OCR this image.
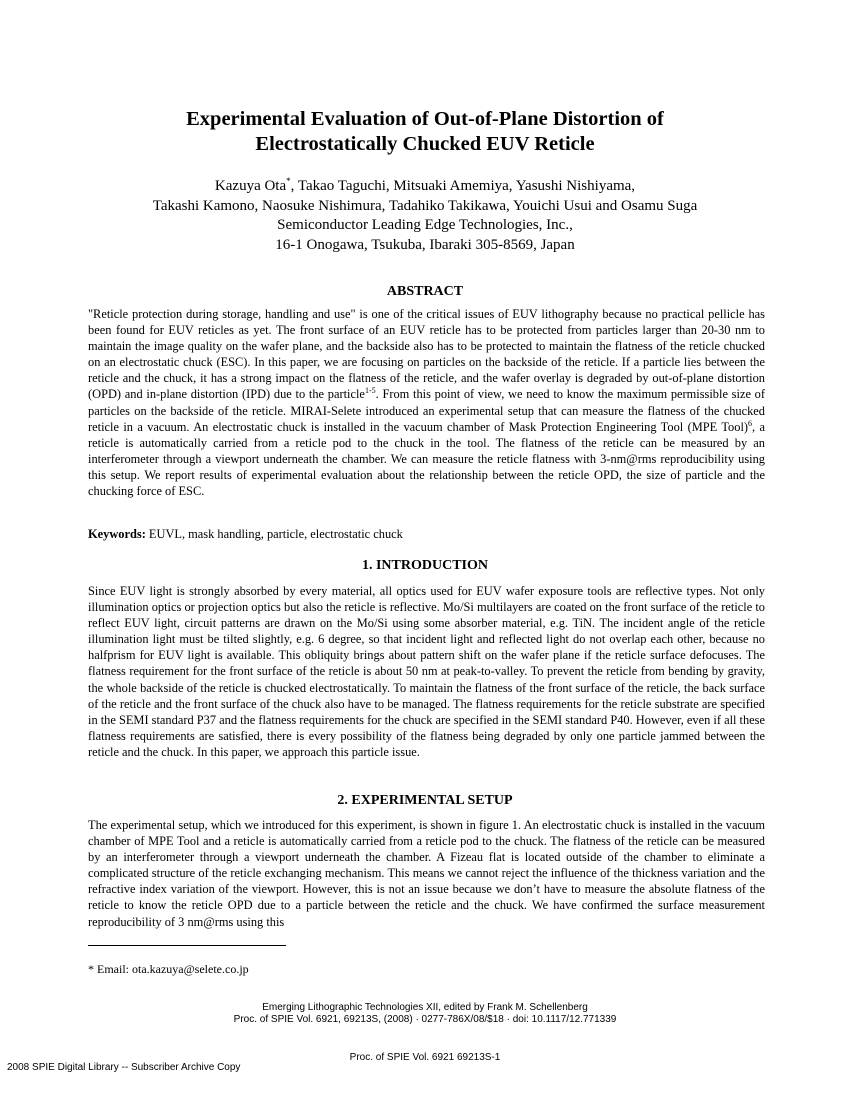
Experimental Evaluation of Out-of-Plane Distortion of
Electrostatically Chucked EUV Reticle
Kazuya Ota*, Takao Taguchi, Mitsuaki Amemiya, Yasushi Nishiyama,
Takashi Kamono, Naosuke Nishimura, Tadahiko Takikawa, Youichi Usui and Osamu Suga
Semiconductor Leading Edge Technologies, Inc.,
16-1 Onogawa, Tsukuba, Ibaraki 305-8569, Japan
ABSTRACT
"Reticle protection during storage, handling and use" is one of the critical issues of EUV lithography because no practical pellicle has been found for EUV reticles as yet. The front surface of an EUV reticle has to be protected from particles larger than 20-30 nm to maintain the image quality on the wafer plane, and the backside also has to be protected to maintain the flatness of the reticle chucked on an electrostatic chuck (ESC). In this paper, we are focusing on particles on the backside of the reticle. If a particle lies between the reticle and the chuck, it has a strong impact on the flatness of the reticle, and the wafer overlay is degraded by out-of-plane distortion (OPD) and in-plane distortion (IPD) due to the particle$^{1-5}$. From this point of view, we need to know the maximum permissible size of particles on the backside of the reticle. MIRAI-Selete introduced an experimental setup that can measure the flatness of the chucked reticle in a vacuum. An electrostatic chuck is installed in the vacuum chamber of Mask Protection Engineering Tool (MPE Tool)$^6$, a reticle is automatically carried from a reticle pod to the chuck in the tool. The flatness of the reticle can be measured by an interferometer through a viewport underneath the chamber. We can measure the reticle flatness with 3-nm@rms reproducibility using this setup. We report results of experimental evaluation about the relationship between the reticle OPD, the size of particle and the chucking force of ESC.
Keywords: EUVL, mask handling, particle, electrostatic chuck
1. INTRODUCTION
Since EUV light is strongly absorbed by every material, all optics used for EUV wafer exposure tools are reflective types. Not only illumination optics or projection optics but also the reticle is reflective. Mo/Si multilayers are coated on the front surface of the reticle to reflect EUV light, circuit patterns are drawn on the Mo/Si using some absorber material, e.g. TiN. The incident angle of the reticle illumination light must be tilted slightly, e.g. 6 degree, so that incident light and reflected light do not overlap each other, because no halfprism for EUV light is available. This obliquity brings about pattern shift on the wafer plane if the reticle surface defocuses. The flatness requirement for the front surface of the reticle is about 50 nm at peak-to-valley. To prevent the reticle from bending by gravity, the whole backside of the reticle is chucked electrostatically. To maintain the flatness of the front surface of the reticle, the back surface of the reticle and the front surface of the chuck also have to be managed. The flatness requirements for the reticle substrate are specified in the SEMI standard P37 and the flatness requirements for the chuck are specified in the SEMI standard P40. However, even if all these flatness requirements are satisfied, there is every possibility of the flatness being degraded by only one particle jammed between the reticle and the chuck. In this paper, we approach this particle issue.
2. EXPERIMENTAL SETUP
The experimental setup, which we introduced for this experiment, is shown in figure 1. An electrostatic chuck is installed in the vacuum chamber of MPE Tool and a reticle is automatically carried from a reticle pod to the chuck. The flatness of the reticle can be measured by an interferometer through a viewport underneath the chamber. A Fizeau flat is located outside of the chamber to eliminate a complicated structure of the reticle exchanging mechanism. This means we cannot reject the influence of the thickness variation and the refractive index variation of the viewport. However, this is not an issue because we don’t have to measure the absolute flatness of the reticle to know the reticle OPD due to a particle between the reticle and the chuck. We have confirmed the surface measurement reproducibility of 3 nm@rms using this
* Email: ota.kazuya@selete.co.jp
Emerging Lithographic Technologies XII, edited by Frank M. Schellenberg
Proc. of SPIE Vol. 6921, 69213S, (2008) · 0277-786X/08/$18 · doi: 10.1117/12.771339
Proc. of SPIE Vol. 6921 69213S-1
2008 SPIE Digital Library -- Subscriber Archive Copy
